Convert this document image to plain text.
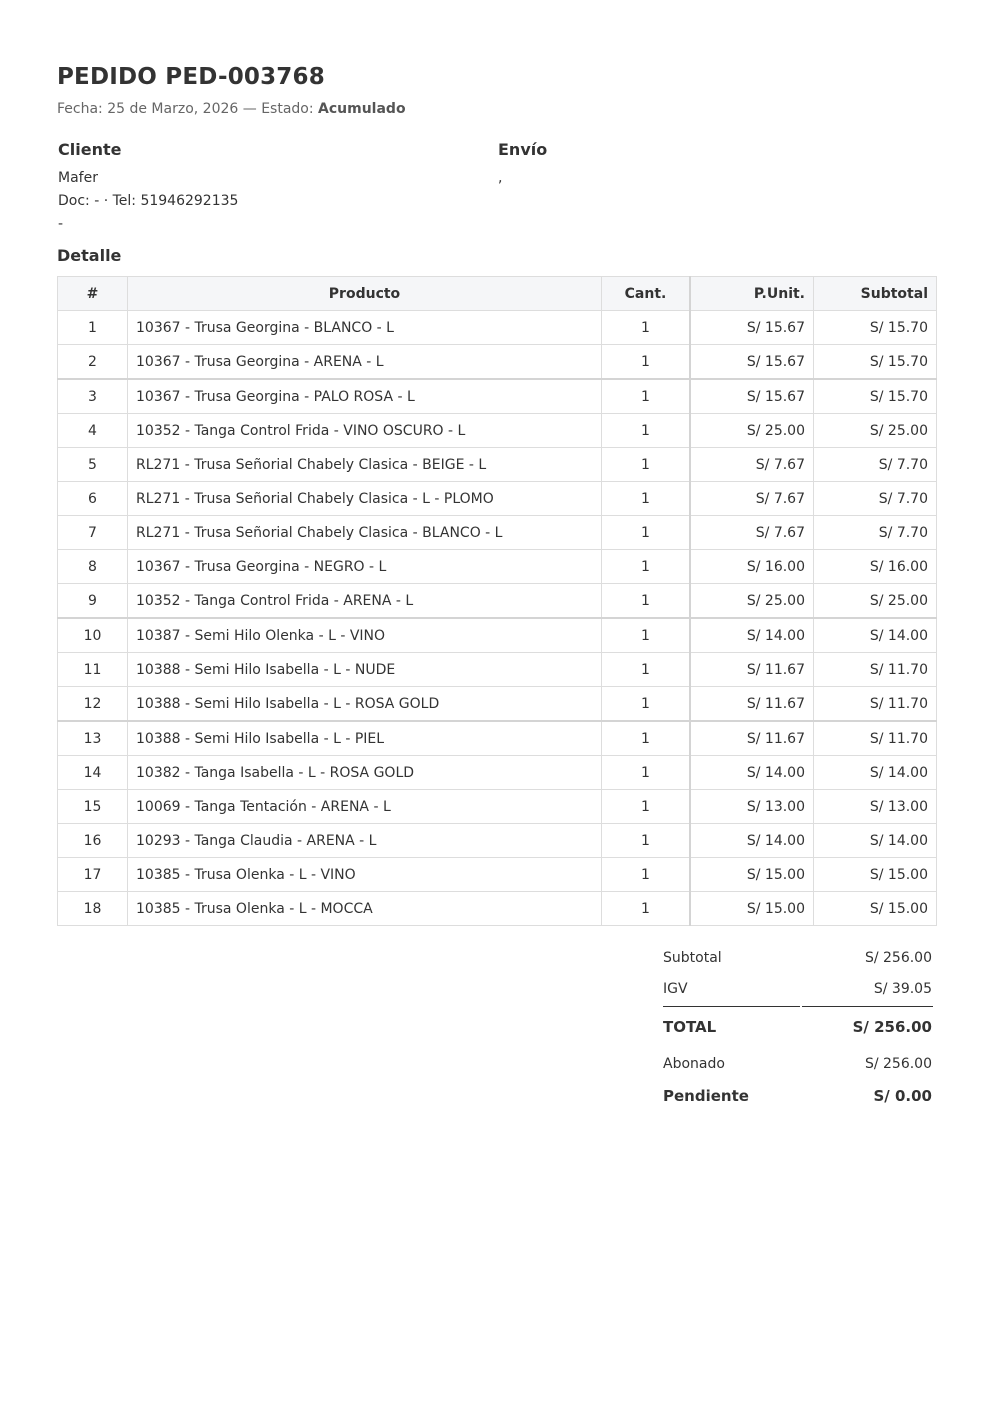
PEDIDO PED-003768
Fecha: 25 de Marzo, 2026 — Estado: Acumulado
Cliente
Mafer
Doc: - · Tel: 51946292135
-
Envío
,
Detalle
#	Producto	Cant.	P.Unit.	Subtotal
1	10367 - Trusa Georgina - BLANCO - L	1	S/ 15.67	S/ 15.70
2	10367 - Trusa Georgina - ARENA - L	1	S/ 15.67	S/ 15.70
3	10367 - Trusa Georgina - PALO ROSA - L	1	S/ 15.67	S/ 15.70
4	10352 - Tanga Control Frida - VINO OSCURO - L	1	S/ 25.00	S/ 25.00
5	RL271 - Trusa Señorial Chabely Clasica - BEIGE - L	1	S/ 7.67	S/ 7.70
6	RL271 - Trusa Señorial Chabely Clasica - L - PLOMO	1	S/ 7.67	S/ 7.70
7	RL271 - Trusa Señorial Chabely Clasica - BLANCO - L	1	S/ 7.67	S/ 7.70
8	10367 - Trusa Georgina - NEGRO - L	1	S/ 16.00	S/ 16.00
9	10352 - Tanga Control Frida - ARENA - L	1	S/ 25.00	S/ 25.00
10	10387 - Semi Hilo Olenka - L - VINO	1	S/ 14.00	S/ 14.00
11	10388 - Semi Hilo Isabella - L - NUDE	1	S/ 11.67	S/ 11.70
12	10388 - Semi Hilo Isabella - L - ROSA GOLD	1	S/ 11.67	S/ 11.70
13	10388 - Semi Hilo Isabella - L - PIEL	1	S/ 11.67	S/ 11.70
14	10382 - Tanga Isabella - L - ROSA GOLD	1	S/ 14.00	S/ 14.00
15	10069 - Tanga Tentación - ARENA - L	1	S/ 13.00	S/ 13.00
16	10293 - Tanga Claudia - ARENA - L	1	S/ 14.00	S/ 14.00
17	10385 - Trusa Olenka - L - VINO	1	S/ 15.00	S/ 15.00
18	10385 - Trusa Olenka - L - MOCCA	1	S/ 15.00	S/ 15.00
Subtotal	S/ 256.00
IGV	S/ 39.05
TOTAL	S/ 256.00
Abonado	S/ 256.00
Pendiente	S/ 0.00
